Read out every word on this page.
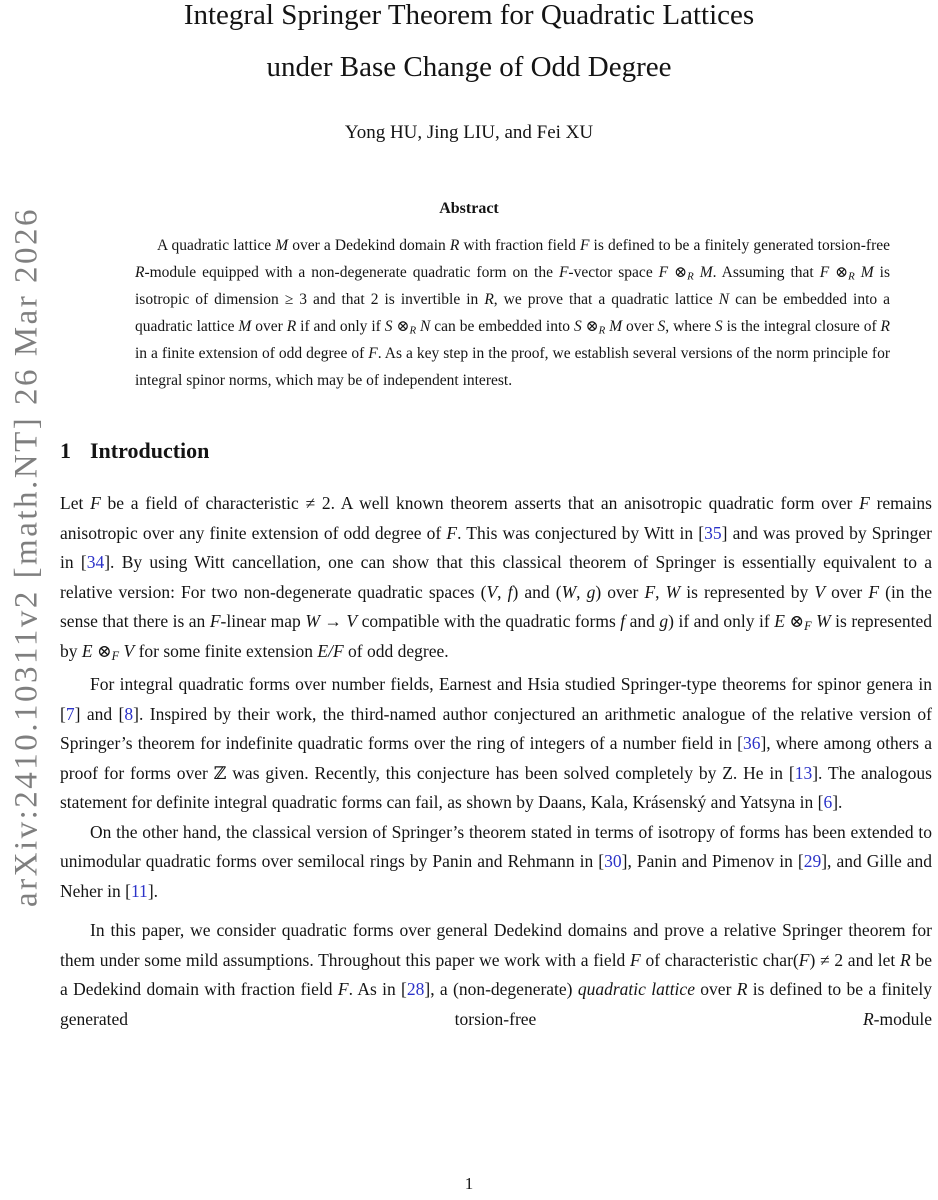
arXiv:2410.10311v2 [math.NT] 26 Mar 2026
Integral Springer Theorem for Quadratic Lattices
under Base Change of Odd Degree
Yong HU, Jing LIU, and Fei XU
Abstract
A quadratic lattice M over a Dedekind domain R with fraction field F is defined to be a finitely generated torsion-free R-module equipped with a non-degenerate quadratic form on the F-vector space F ⊗R M. Assuming that F ⊗R M is isotropic of dimension ≥ 3 and that 2 is invertible in R, we prove that a quadratic lattice N can be embedded into a quadratic lattice M over R if and only if S ⊗R N can be embedded into S ⊗R M over S, where S is the integral closure of R in a finite extension of odd degree of F. As a key step in the proof, we establish several versions of the norm principle for integral spinor norms, which may be of independent interest.
1 Introduction
Let F be a field of characteristic ≠ 2. A well known theorem asserts that an anisotropic quadratic form over F remains anisotropic over any finite extension of odd degree of F. This was conjectured by Witt in [35] and was proved by Springer in [34]. By using Witt cancellation, one can show that this classical theorem of Springer is essentially equivalent to a relative version: For two non-degenerate quadratic spaces (V, f) and (W, g) over F, W is represented by V over F (in the sense that there is an F-linear map W → V compatible with the quadratic forms f and g) if and only if E ⊗F W is represented by E ⊗F V for some finite extension E/F of odd degree.
For integral quadratic forms over number fields, Earnest and Hsia studied Springer-type theorems for spinor genera in [7] and [8]. Inspired by their work, the third-named author conjectured an arithmetic analogue of the relative version of Springer’s theorem for indefinite quadratic forms over the ring of integers of a number field in [36], where among others a proof for forms over ℤ was given. Recently, this conjecture has been solved completely by Z. He in [13]. The analogous statement for definite integral quadratic forms can fail, as shown by Daans, Kala, Krásenský and Yatsyna in [6].
On the other hand, the classical version of Springer’s theorem stated in terms of isotropy of forms has been extended to unimodular quadratic forms over semilocal rings by Panin and Rehmann in [30], Panin and Pimenov in [29], and Gille and Neher in [11].
In this paper, we consider quadratic forms over general Dedekind domains and prove a relative Springer theorem for them under some mild assumptions. Throughout this paper we work with a field F of characteristic char(F) ≠ 2 and let R be a Dedekind domain with fraction field F. As in [28], a (non-degenerate) quadratic lattice over R is defined to be a finitely generated torsion-free R-module
1
